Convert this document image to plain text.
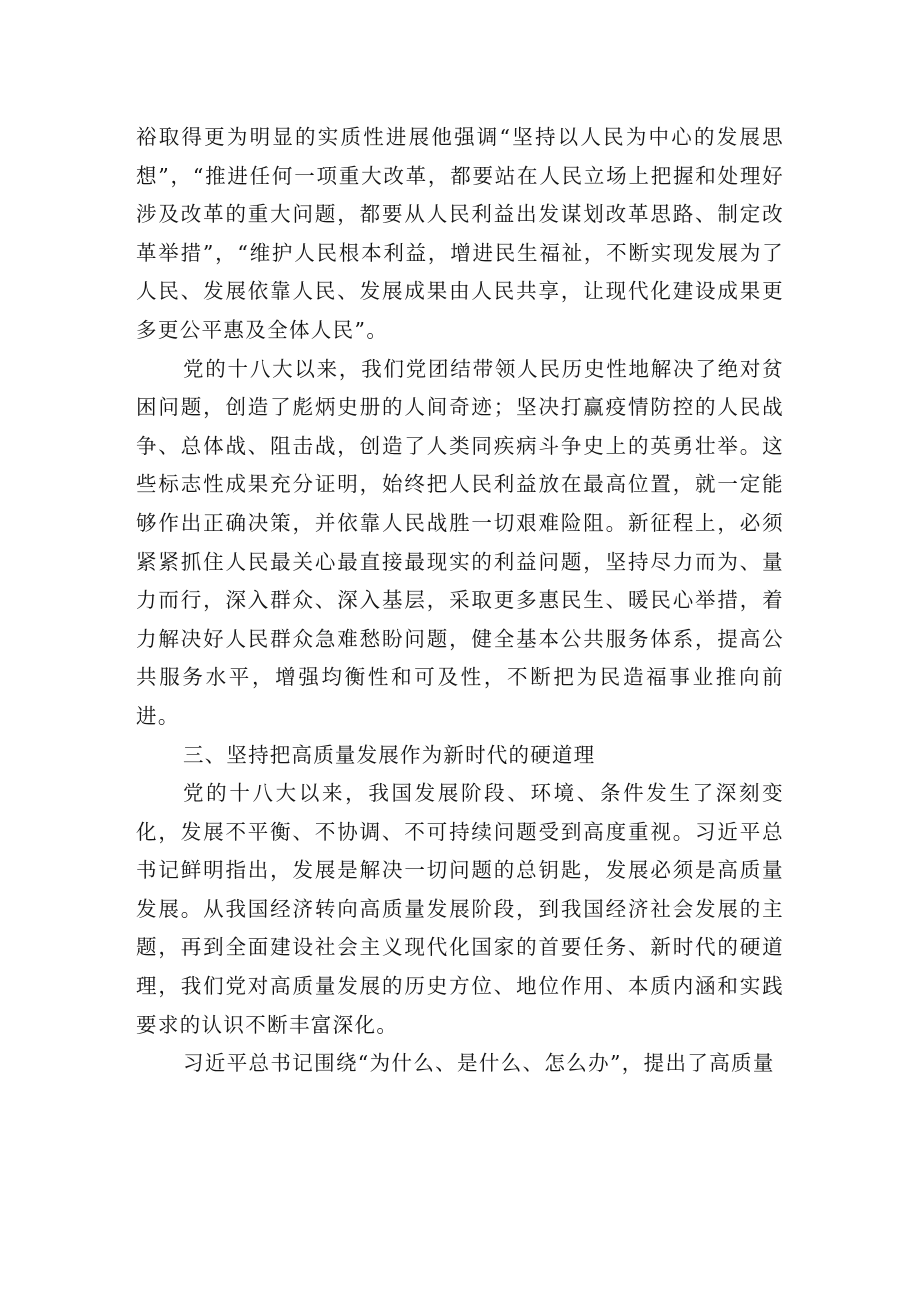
裕取得更为明显的实质性进展他强调“坚持以人民为中心的发展思想”，“推进任何一项重大改革，都要站在人民立场上把握和处理好涉及改革的重大问题，都要从人民利益出发谋划改革思路、制定改革举措”，“维护人民根本利益，增进民生福祉，不断实现发展为了人民、发展依靠人民、发展成果由人民共享，让现代化建设成果更多更公平惠及全体人民”。

党的十八大以来，我们党团结带领人民历史性地解决了绝对贫困问题，创造了彪炳史册的人间奇迹；坚决打赢疫情防控的人民战争、总体战、阻击战，创造了人类同疾病斗争史上的英勇壮举。这些标志性成果充分证明，始终把人民利益放在最高位置，就一定能够作出正确决策，并依靠人民战胜一切艰难险阻。新征程上，必须紧紧抓住人民最关心最直接最现实的利益问题，坚持尽力而为、量力而行，深入群众、深入基层，采取更多惠民生、暖民心举措，着力解决好人民群众急难愁盼问题，健全基本公共服务体系，提高公共服务水平，增强均衡性和可及性，不断把为民造福事业推向前进。

三、坚持把高质量发展作为新时代的硬道理

党的十八大以来，我国发展阶段、环境、条件发生了深刻变化，发展不平衡、不协调、不可持续问题受到高度重视。习近平总书记鲜明指出，发展是解决一切问题的总钥匙，发展必须是高质量发展。从我国经济转向高质量发展阶段，到我国经济社会发展的主题，再到全面建设社会主义现代化国家的首要任务、新时代的硬道理，我们党对高质量发展的历史方位、地位作用、本质内涵和实践要求的认识不断丰富深化。

习近平总书记围绕“为什么、是什么、怎么办”，提出了高质量
